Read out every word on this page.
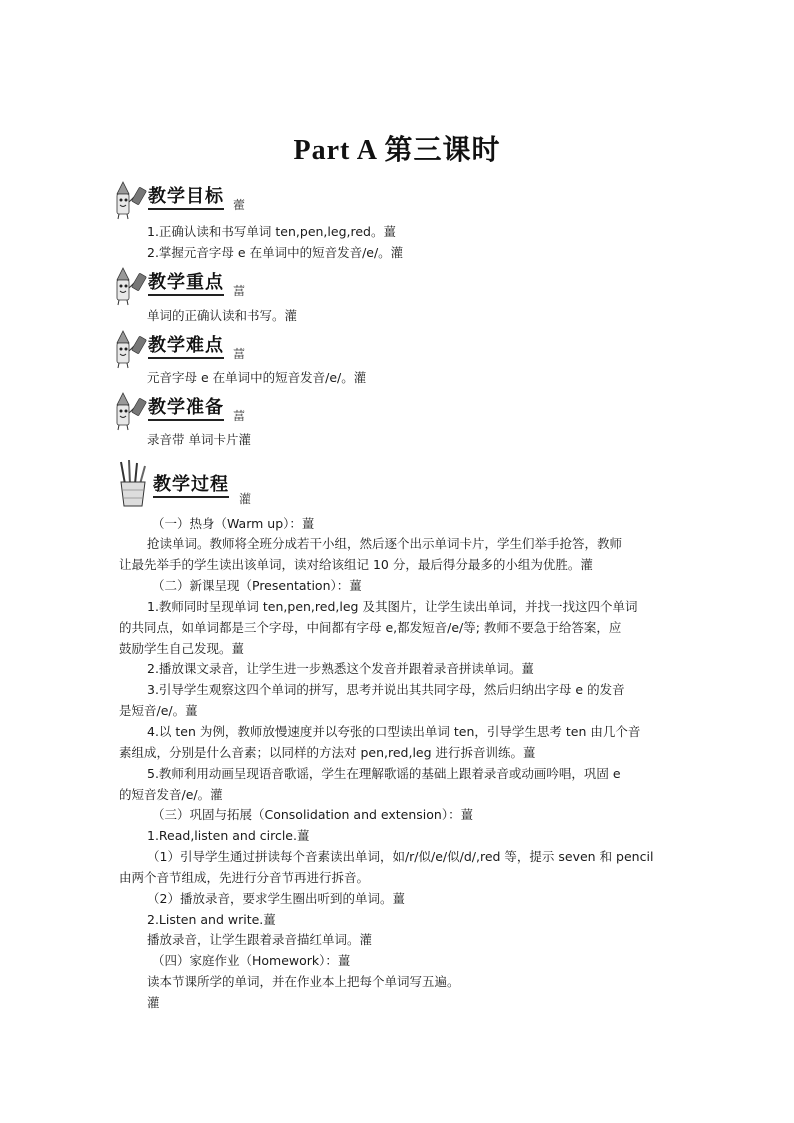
Part A 第三课时
教学目标 藿
1.正确认读和书写单词 ten,pen,leg,red。薑
2.掌握元音字母 e 在单词中的短音发音/e/。灌
教学重点 葍
单词的正确认读和书写。灌
教学难点 葍
元音字母 e 在单词中的短音发音/e/。灌
教学准备 葍
录音带 单词卡片灌
教学过程
灌
（一）热身（Warm up）：薑
抢读单词。教师将全班分成若干小组，然后逐个出示单词卡片，学生们举手抢答，教师
让最先举手的学生读出该单词，读对给该组记 10 分，最后得分最多的小组为优胜。灌
（二）新课呈现（Presentation）：薑
1.教师同时呈现单词 ten,pen,red,leg 及其图片，让学生读出单词，并找一找这四个单词
的共同点，如单词都是三个字母，中间都有字母 e,都发短音/e/等; 教师不要急于给答案，应
鼓励学生自己发现。薑
2.播放课文录音，让学生进一步熟悉这个发音并跟着录音拼读单词。薑
3.引导学生观察这四个单词的拼写，思考并说出其共同字母，然后归纳出字母 e 的发音
是短音/e/。薑
4.以 ten 为例，教师放慢速度并以夸张的口型读出单词 ten，引导学生思考 ten 由几个音
素组成，分别是什么音素；以同样的方法对 pen,red,leg 进行拆音训练。薑
5.教师利用动画呈现语音歌谣，学生在理解歌谣的基础上跟着录音或动画吟唱，巩固 e
的短音发音/e/。灌
（三）巩固与拓展（Consolidation and extension）：薑
1.Read,listen and circle.薑
（1）引导学生通过拼读每个音素读出单词，如/r/似/e/似/d/,red 等，提示 seven 和 pencil
由两个音节组成，先进行分音节再进行拆音。
（2）播放录音，要求学生圈出听到的单词。薑
2.Listen and write.薑
播放录音，让学生跟着录音描红单词。灌
（四）家庭作业（Homework）：薑
读本节课所学的单词，并在作业本上把每个单词写五遍。
灌
